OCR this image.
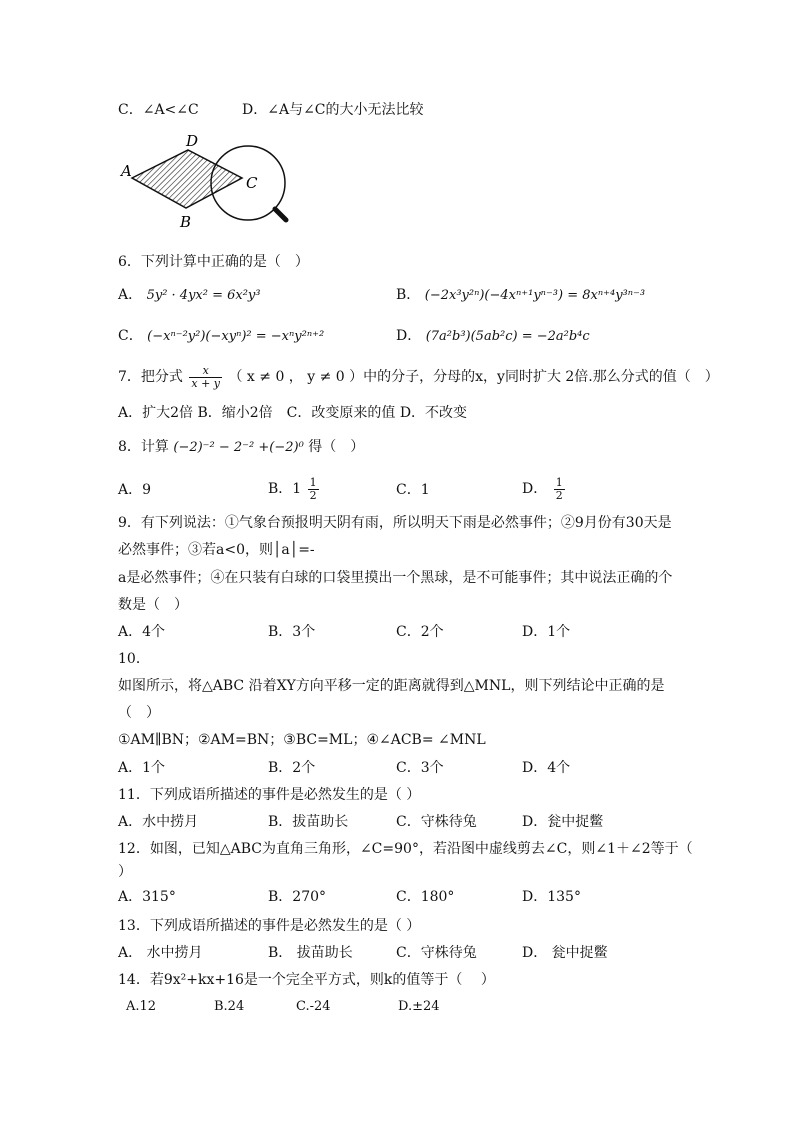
C．∠A<∠C	D．∠A与∠C的大小无法比较
A
D
C
B
6．下列计算中正确的是（　）
A． 5y² · 4yx² = 6x²y³	B． (−2x³y²ⁿ)(−4xⁿ⁺¹yⁿ⁻³) = 8xⁿ⁺⁴y³ⁿ⁻³
C． (−xⁿ⁻²y²)(−xyⁿ)² = −xⁿy²ⁿ⁺²	D． (7a²b³)(5ab²c) = −2a²b⁴c
7．把分式 $\frac{x}{x + y}$ （ x ≠ 0 ， y ≠ 0 ）中的分子，分母的x，y同时扩大 2倍.那么分式的值（　）
A．扩大2倍 B．缩小2倍　C．改变原来的值 D．不改变
8．计算 (−2)⁻² − 2⁻² +(−2)⁰ 得（　）
A．9	B．$1 \frac{1}{2}$	C．1	D． $\frac{1}{2}$
9．有下列说法：①气象台预报明天阴有雨，所以明天下雨是必然事件；②9月份有30天是
必然事件；③若a<0，则│a│=-
a是必然事件；④在只装有白球的口袋里摸出一个黑球，是不可能事件；其中说法正确的个
数是（　）
A．4个	B．3个	C．2个	D．1个
10．
如图所示，将△ABC 沿着XY方向平移一定的距离就得到△MNL，则下列结论中正确的是
（　）
①AM∥BN；②AM=BN；③BC=ML；④∠ACB= ∠MNL
A．1个	B．2个	C．3个	D．4个
11．下列成语所描述的事件是必然发生的是（ ）
A．水中捞月	B．拔苗助长	C．守株待兔	D．瓮中捉鳖
12．如图，已知△ABC为直角三角形，∠C=90°，若沿图中虚线剪去∠C，则∠1＋∠2等于（
）
A．315°	B．270°	C．180°	D．135°
13．下列成语所描述的事件是必然发生的是（ ）
A． 水中捞月	B． 拔苗助长	C．守株待兔	D． 瓮中捉鳖
14．若9x²+kx+16是一个完全平方式，则k的值等于（　 ）
A.12	B.24	C.-24	D.±24
